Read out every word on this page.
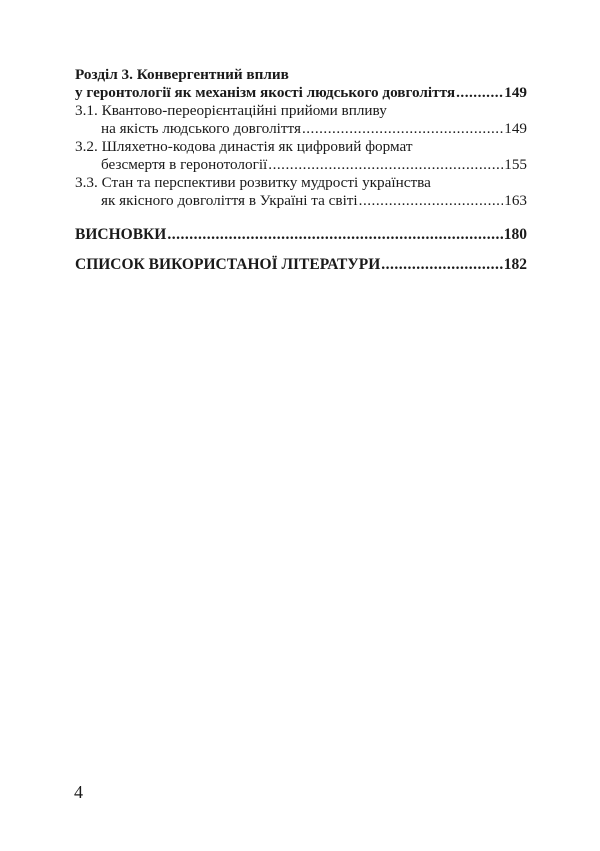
Розділ 3. Конвергентний вплив
у геронтології як механізм якості людського довголіття .....	149
3.1. Квантово-переорієнтаційні прийоми впливу
на якість людського довголіття .....	149
3.2. Шляхетно-кодова династія як цифровий формат
безсмертя в геронотології .....	155
3.3. Стан та перспективи розвитку мудрості українства
як якісного довголіття в Україні та світі .....	163
ВИСНОВКИ .....	180
СПИСОК ВИКОРИСТАНОЇ ЛІТЕРАТУРИ .....	182
4
